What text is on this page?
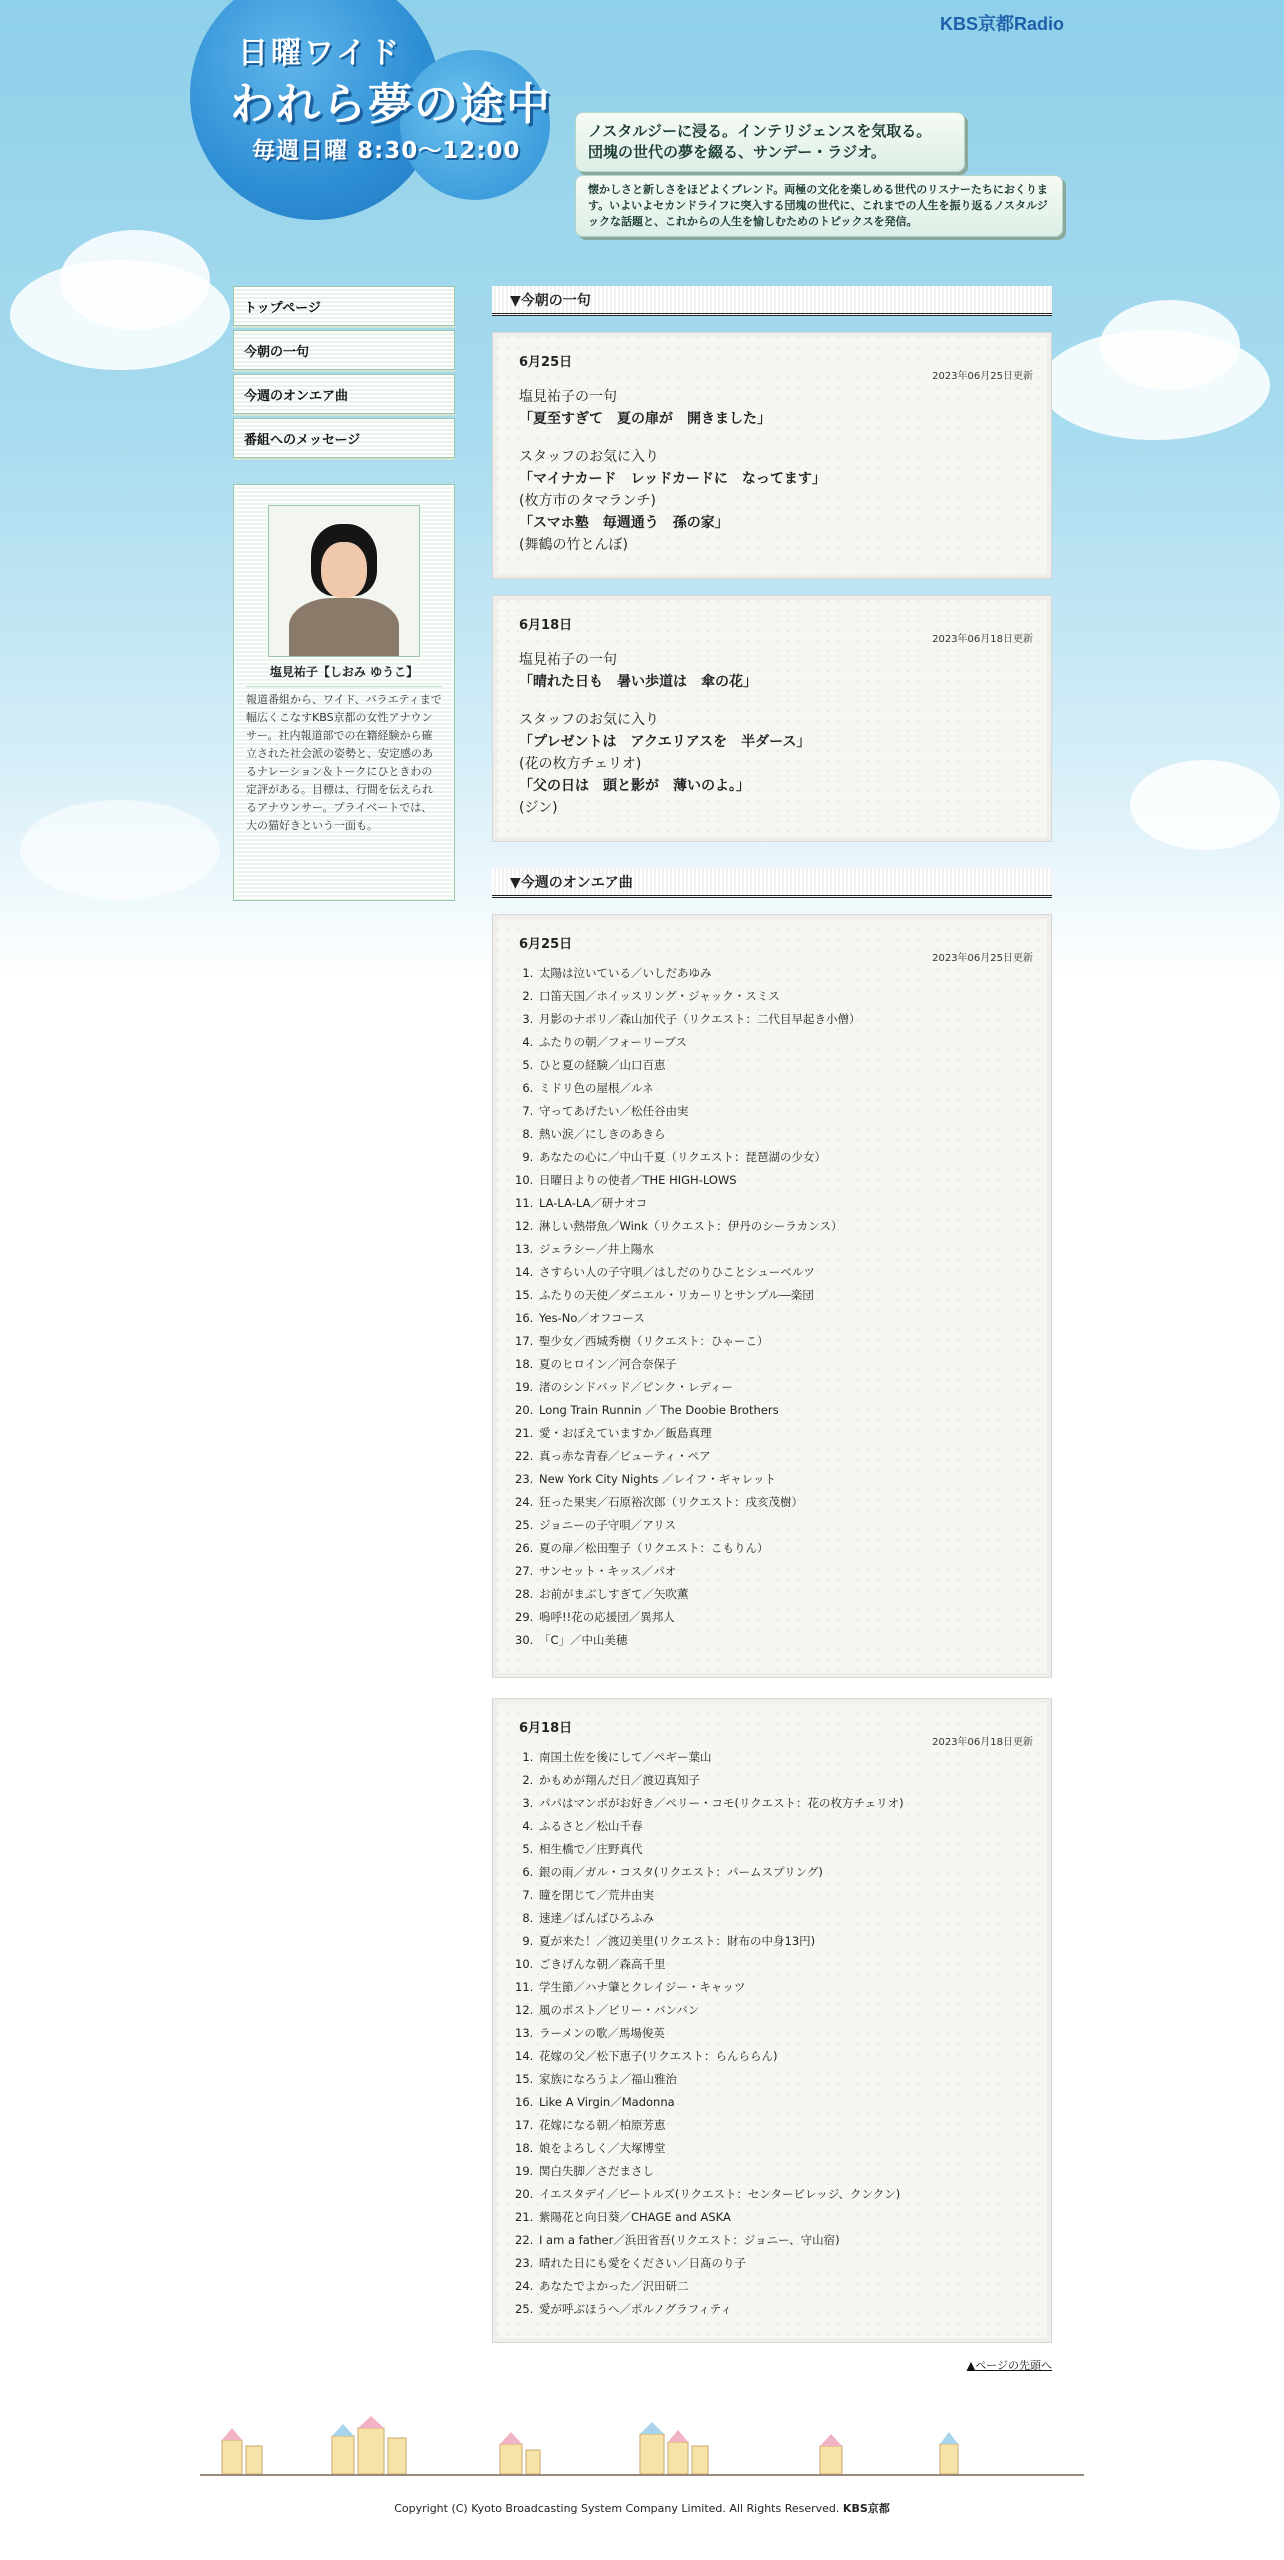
日曜ワイド
われら夢の途中
毎週日曜 8:30〜12:00
KBS京都Radio
ノスタルジーに浸る。インテリジェンスを気取る。
団塊の世代の夢を綴る、サンデー・ラジオ。
懐かしさと新しさをほどよくブレンド。両極の文化を楽しめる世代のリスナーたちにおくります。いよいよセカンドライフに突入する団塊の世代に、これまでの人生を振り返るノスタルジックな話題と、これからの人生を愉しむためのトピックスを発信。
トップページ
今朝の一句
今週のオンエア曲
番組へのメッセージ
塩見祐子【しおみ ゆうこ】
報道番組から、ワイド、バラエティまで幅広くこなすKBS京都の女性アナウンサー。社内報道部での在籍経験から確立された社会派の姿勢と、安定感のあるナレーション＆トークにひときわの定評がある。目標は、行間を伝えられるアナウンサー。プライベートでは、大の猫好きという一面も。
▼今朝の一句
6月25日
2023年06月25日更新
塩見祐子の一句
「夏至すぎて　夏の扉が　開きました」
スタッフのお気に入り
「マイナカード　レッドカードに　なってます」
(枚方市のタマランチ)
「スマホ塾　毎週通う　孫の家」
(舞鶴の竹とんぼ)
6月18日
2023年06月18日更新
塩見祐子の一句
「晴れた日も　暑い歩道は　傘の花」
スタッフのお気に入り
「プレゼントは　アクエリアスを　半ダース」
(花の枚方チェリオ)
「父の日は　頭と影が　薄いのよ。」
(ジン)
▼今週のオンエア曲
6月25日
2023年06月25日更新
1. 太陽は泣いている／いしだあゆみ
2. 口笛天国／ホイッスリング・ジャック・スミス
3. 月影のナポリ／森山加代子（リクエスト：二代目早起き小僧）
4. ふたりの朝／フォーリーブス
5. ひと夏の経験／山口百恵
6. ミドリ色の屋根／ルネ
7. 守ってあげたい／松任谷由実
8. 熱い涙／にしきのあきら
9. あなたの心に／中山千夏（リクエスト：琵琶湖の少女）
10. 日曜日よりの使者／THE HIGH-LOWS
11. LA-LA-LA／研ナオコ
12. 淋しい熱帯魚／Wink（リクエスト：伊丹のシーラカンス）
13. ジェラシー／井上陽水
14. さすらい人の子守唄／はしだのりひことシューベルツ
15. ふたりの天使／ダニエル・リカーリとサンプル―楽団
16. Yes-No／オフコース
17. 聖少女／西城秀樹（リクエスト：ひゃーこ）
18. 夏のヒロイン／河合奈保子
19. 渚のシンドバッド／ピンク・レディー
20. Long Train Runnin ／ The Doobie Brothers
21. 愛・おぼえていますか／飯島真理
22. 真っ赤な青春／ビューティ・ペア
23. New York City Nights ／レイフ・ギャレット
24. 狂った果実／石原裕次郎（リクエスト：戌亥茂樹）
25. ジョニーの子守唄／アリス
26. 夏の扉／松田聖子（リクエスト：こもりん）
27. サンセット・キッス／パオ
28. お前がまぶしすぎて／矢吹薫
29. 嗚呼!!花の応援団／異邦人
30. 「C」／中山美穂
6月18日
2023年06月18日更新
1. 南国土佐を後にして／ペギー葉山
2. かもめが翔んだ日／渡辺真知子
3. パパはマンボがお好き／ペリー・コモ(リクエスト：花の枚方チェリオ)
4. ふるさと／松山千春
5. 相生橋で／庄野真代
6. 銀の雨／ガル・コスタ(リクエスト：パームスプリング)
7. 瞳を閉じて／荒井由実
8. 速達／ばんばひろふみ
9. 夏が来た！／渡辺美里(リクエスト：財布の中身13円)
10. ごきげんな朝／森高千里
11. 学生節／ハナ肇とクレイジー・キャッツ
12. 風のポスト／ビリー・バンバン
13. ラーメンの歌／馬場俊英
14. 花嫁の父／松下恵子(リクエスト：らんららん)
15. 家族になろうよ／福山雅治
16. Like A Virgin／Madonna
17. 花嫁になる朝／柏原芳恵
18. 娘をよろしく／大塚博堂
19. 関白失脚／さだまさし
20. イエスタデイ／ビートルズ(リクエスト：センタービレッジ、クンクン)
21. 紫陽花と向日葵／CHAGE and ASKA
22. I am a father／浜田省吾(リクエスト：ジョニー、守山宿)
23. 晴れた日にも愛をください／日髙のり子
24. あなたでよかった／沢田研二
25. 愛が呼ぶほうへ／ポルノグラフィティ
▲ページの先頭へ
Copyright (C) Kyoto Broadcasting System Company Limited. All Rights Reserved. KBS京都
